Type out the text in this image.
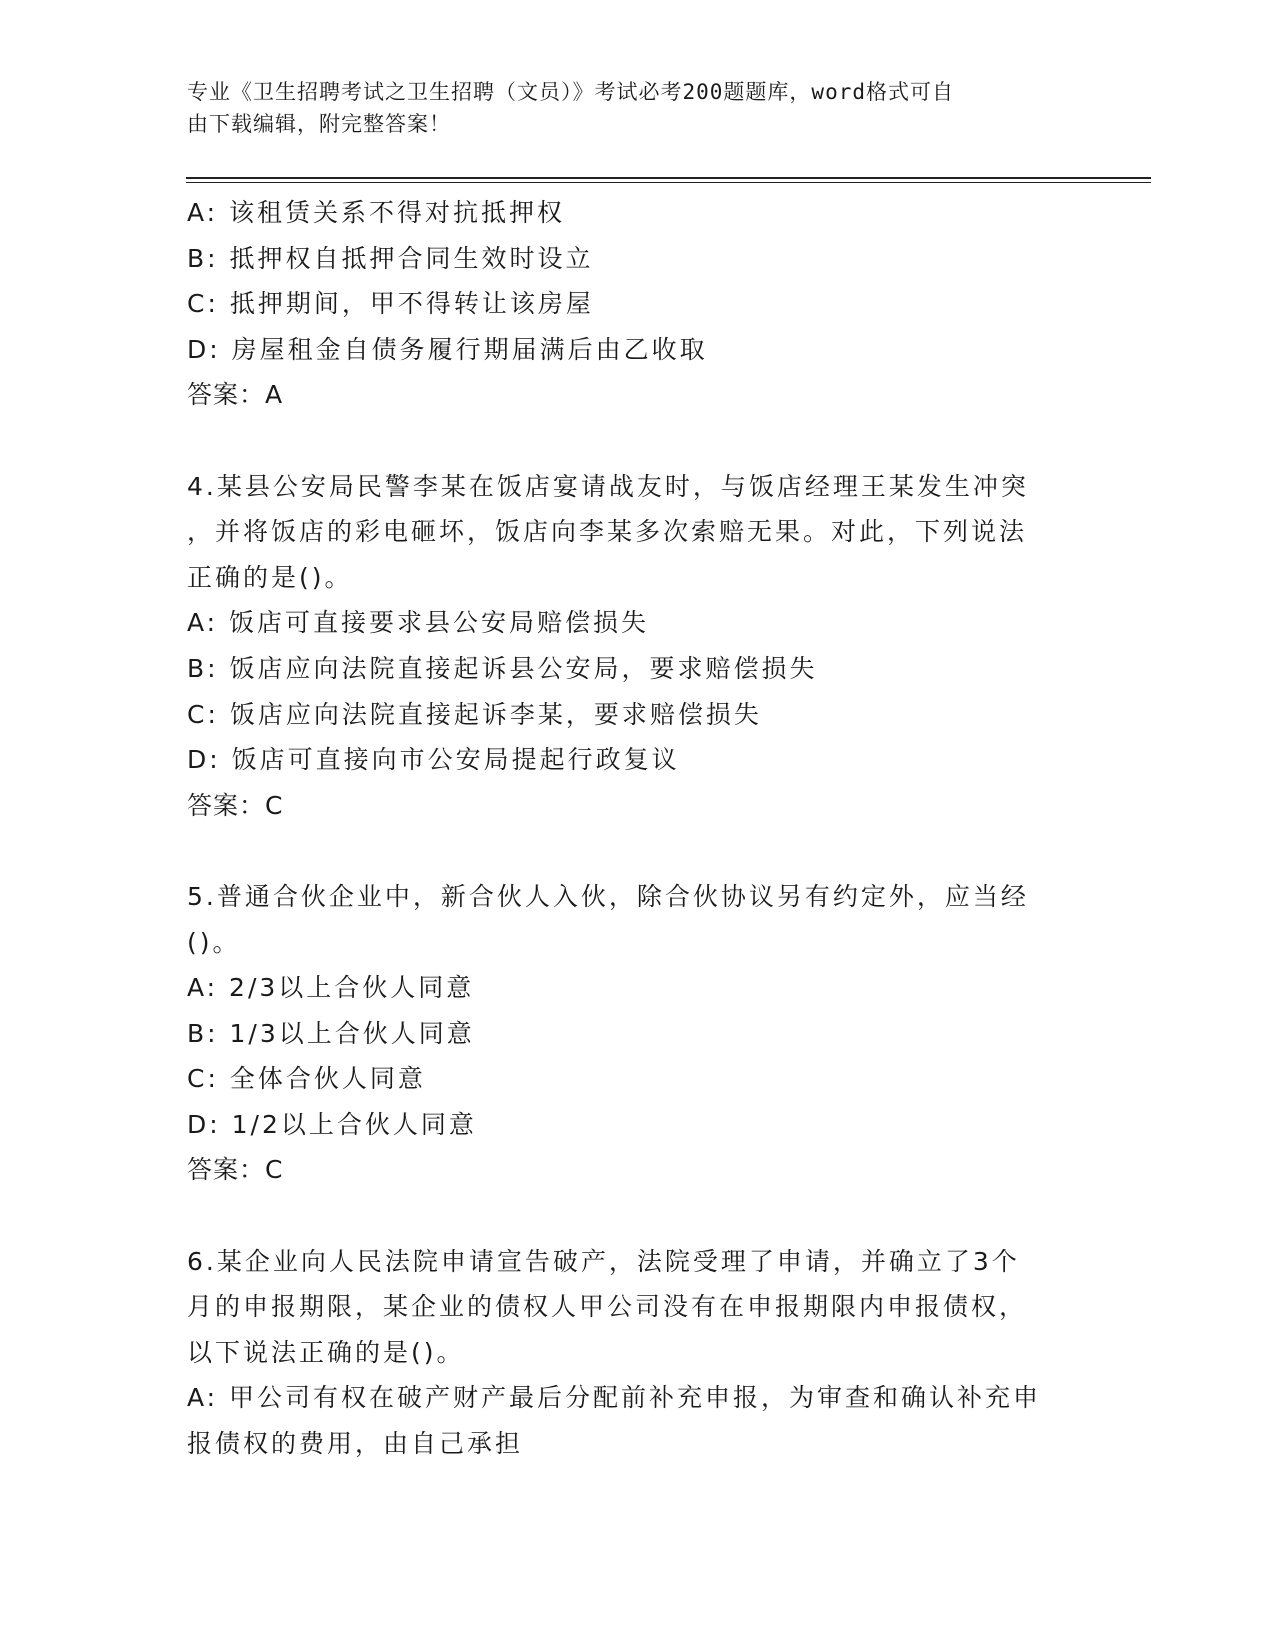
专业《卫生招聘考试之卫生招聘（文员）》考试必考200题题库，word格式可自
由下载编辑，附完整答案！
A: 该租赁关系不得对抗抵押权
B: 抵押权自抵押合同生效时设立
C: 抵押期间，甲不得转让该房屋
D: 房屋租金自债务履行期届满后由乙收取
答案：A
4.某县公安局民警李某在饭店宴请战友时，与饭店经理王某发生冲突
，并将饭店的彩电砸坏，饭店向李某多次索赔无果。对此，下列说法
正确的是()。
A: 饭店可直接要求县公安局赔偿损失
B: 饭店应向法院直接起诉县公安局，要求赔偿损失
C: 饭店应向法院直接起诉李某，要求赔偿损失
D: 饭店可直接向市公安局提起行政复议
答案：C
5.普通合伙企业中，新合伙人入伙，除合伙协议另有约定外，应当经
()。
A: 2/3以上合伙人同意
B: 1/3以上合伙人同意
C: 全体合伙人同意
D: 1/2以上合伙人同意
答案：C
6.某企业向人民法院申请宣告破产，法院受理了申请，并确立了3个
月的申报期限，某企业的债权人甲公司没有在申报期限内申报债权，
以下说法正确的是()。
A: 甲公司有权在破产财产最后分配前补充申报，为审查和确认补充申
报债权的费用，由自己承担
